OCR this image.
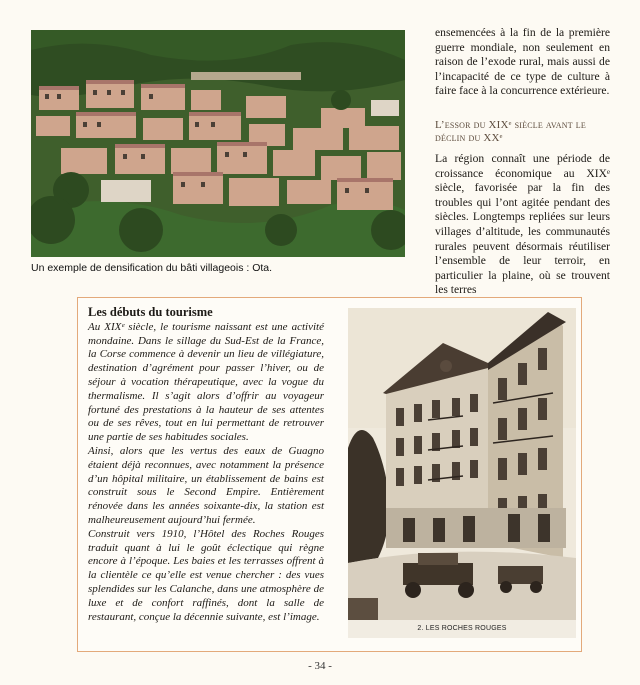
Un exemple de densification du bâti villageois : Ota.

ensemencées à la fin de la première guerre mondiale, non seulement en raison de l’exode rural, mais aussi de l’incapacité de ce type de culture à faire face à la concurrence extérieure.

L’essor du XIXᵉ siècle avant le déclin du XXᵉ

La région connaît une période de croissance économique au XIXᵉ siècle, favorisée par la fin des troubles qui l’ont agitée pendant des siècles. Longtemps repliées sur leurs villages d’altitude, les communautés rurales peuvent désormais réutiliser l’ensemble de leur terroir, en particulier la plaine, où se trouvent les terres

Les débuts du tourisme

Au XIXᵉ siècle, le tourisme naissant est une activité mondaine. Dans le sillage du Sud-Est de la France, la Corse commence à devenir un lieu de villégiature, destination d’agrément pour passer l’hiver, ou de séjour à vocation thérapeutique, avec la vogue du thermalisme. Il s’agit alors d’offrir au voyageur fortuné des prestations à la hauteur de ses attentes ou de ses rêves, tout en lui permettant de retrouver une partie de ses habitudes sociales.

Ainsi, alors que les vertus des eaux de Guagno étaient déjà reconnues, avec notamment la présence d’un hôpital militaire, un établissement de bains est construit sous le Second Empire. Entièrement rénovée dans les années soixante-dix, la station est malheureusement aujourd’hui fermée.

Construit vers 1910, l’Hôtel des Roches Rouges traduit quant à lui le goût éclectique qui règne encore à l’époque. Les baies et les terrasses offrent à la clientèle ce qu’elle est venue chercher : des vues splendides sur les Calanche, dans une atmosphère de luxe et de confort raffinés, dont la salle de restaurant, conçue la décennie suivante, est l’image.

2. LES ROCHES ROUGES
- 34 -
